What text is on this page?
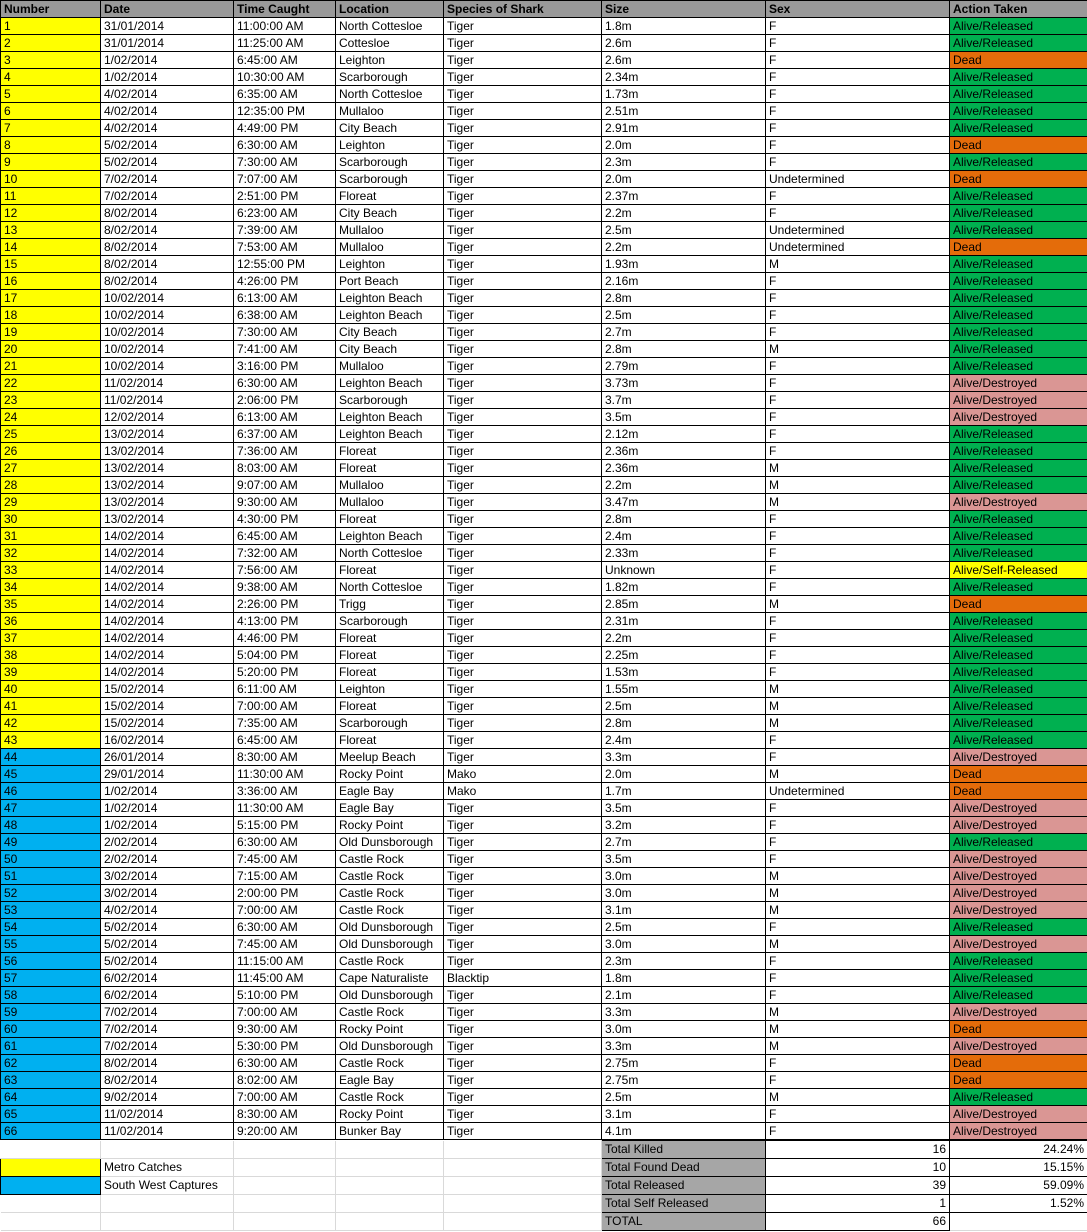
Number	Date	Time Caught	Location	Species of Shark	Size	Sex	Action Taken
1	31/01/2014	11:00:00 AM	North Cottesloe	Tiger	1.8m	F	Alive/Released
2	31/01/2014	11:25:00 AM	Cottesloe	Tiger	2.6m	F	Alive/Released
3	1/02/2014	6:45:00 AM	Leighton	Tiger	2.6m	F	Dead
4	1/02/2014	10:30:00 AM	Scarborough	Tiger	2.34m	F	Alive/Released
5	4/02/2014	6:35:00 AM	North Cottesloe	Tiger	1.73m	F	Alive/Released
6	4/02/2014	12:35:00 PM	Mullaloo	Tiger	2.51m	F	Alive/Released
7	4/02/2014	4:49:00 PM	City Beach	Tiger	2.91m	F	Alive/Released
8	5/02/2014	6:30:00 AM	Leighton	Tiger	2.0m	F	Dead
9	5/02/2014	7:30:00 AM	Scarborough	Tiger	2.3m	F	Alive/Released
10	7/02/2014	7:07:00 AM	Scarborough	Tiger	2.0m	Undetermined	Dead
11	7/02/2014	2:51:00 PM	Floreat	Tiger	2.37m	F	Alive/Released
12	8/02/2014	6:23:00 AM	City Beach	Tiger	2.2m	F	Alive/Released
13	8/02/2014	7:39:00 AM	Mullaloo	Tiger	2.5m	Undetermined	Alive/Released
14	8/02/2014	7:53:00 AM	Mullaloo	Tiger	2.2m	Undetermined	Dead
15	8/02/2014	12:55:00 PM	Leighton	Tiger	1.93m	M	Alive/Released
16	8/02/2014	4:26:00 PM	Port Beach	Tiger	2.16m	F	Alive/Released
17	10/02/2014	6:13:00 AM	Leighton Beach	Tiger	2.8m	F	Alive/Released
18	10/02/2014	6:38:00 AM	Leighton Beach	Tiger	2.5m	F	Alive/Released
19	10/02/2014	7:30:00 AM	City Beach	Tiger	2.7m	F	Alive/Released
20	10/02/2014	7:41:00 AM	City Beach	Tiger	2.8m	M	Alive/Released
21	10/02/2014	3:16:00 PM	Mullaloo	Tiger	2.79m	F	Alive/Released
22	11/02/2014	6:30:00 AM	Leighton Beach	Tiger	3.73m	F	Alive/Destroyed
23	11/02/2014	2:06:00 PM	Scarborough	Tiger	3.7m	F	Alive/Destroyed
24	12/02/2014	6:13:00 AM	Leighton Beach	Tiger	3.5m	F	Alive/Destroyed
25	13/02/2014	6:37:00 AM	Leighton Beach	Tiger	2.12m	F	Alive/Released
26	13/02/2014	7:36:00 AM	Floreat	Tiger	2.36m	F	Alive/Released
27	13/02/2014	8:03:00 AM	Floreat	Tiger	2.36m	M	Alive/Released
28	13/02/2014	9:07:00 AM	Mullaloo	Tiger	2.2m	M	Alive/Released
29	13/02/2014	9:30:00 AM	Mullaloo	Tiger	3.47m	M	Alive/Destroyed
30	13/02/2014	4:30:00 PM	Floreat	Tiger	2.8m	F	Alive/Released
31	14/02/2014	6:45:00 AM	Leighton Beach	Tiger	2.4m	F	Alive/Released
32	14/02/2014	7:32:00 AM	North Cottesloe	Tiger	2.33m	F	Alive/Released
33	14/02/2014	7:56:00 AM	Floreat	Tiger	Unknown	F	Alive/Self-Released
34	14/02/2014	9:38:00 AM	North Cottesloe	Tiger	1.82m	F	Alive/Released
35	14/02/2014	2:26:00 PM	Trigg	Tiger	2.85m	M	Dead
36	14/02/2014	4:13:00 PM	Scarborough	Tiger	2.31m	F	Alive/Released
37	14/02/2014	4:46:00 PM	Floreat	Tiger	2.2m	F	Alive/Released
38	14/02/2014	5:04:00 PM	Floreat	Tiger	2.25m	F	Alive/Released
39	14/02/2014	5:20:00 PM	Floreat	Tiger	1.53m	F	Alive/Released
40	15/02/2014	6:11:00 AM	Leighton	Tiger	1.55m	M	Alive/Released
41	15/02/2014	7:00:00 AM	Floreat	Tiger	2.5m	M	Alive/Released
42	15/02/2014	7:35:00 AM	Scarborough	Tiger	2.8m	M	Alive/Released
43	16/02/2014	6:45:00 AM	Floreat	Tiger	2.4m	F	Alive/Released
44	26/01/2014	8:30:00 AM	Meelup Beach	Tiger	3.3m	F	Alive/Destroyed
45	29/01/2014	11:30:00 AM	Rocky Point	Mako	2.0m	M	Dead
46	1/02/2014	3:36:00 AM	Eagle Bay	Mako	1.7m	Undetermined	Dead
47	1/02/2014	11:30:00 AM	Eagle Bay	Tiger	3.5m	F	Alive/Destroyed
48	1/02/2014	5:15:00 PM	Rocky Point	Tiger	3.2m	F	Alive/Destroyed
49	2/02/2014	6:30:00 AM	Old Dunsborough	Tiger	2.7m	F	Alive/Released
50	2/02/2014	7:45:00 AM	Castle Rock	Tiger	3.5m	F	Alive/Destroyed
51	3/02/2014	7:15:00 AM	Castle Rock	Tiger	3.0m	M	Alive/Destroyed
52	3/02/2014	2:00:00 PM	Castle Rock	Tiger	3.0m	M	Alive/Destroyed
53	4/02/2014	7:00:00 AM	Castle Rock	Tiger	3.1m	M	Alive/Destroyed
54	5/02/2014	6:30:00 AM	Old Dunsborough	Tiger	2.5m	F	Alive/Released
55	5/02/2014	7:45:00 AM	Old Dunsborough	Tiger	3.0m	M	Alive/Destroyed
56	5/02/2014	11:15:00 AM	Castle Rock	Tiger	2.3m	F	Alive/Released
57	6/02/2014	11:45:00 AM	Cape Naturaliste	Blacktip	1.8m	F	Alive/Released
58	6/02/2014	5:10:00 PM	Old Dunsborough	Tiger	2.1m	F	Alive/Released
59	7/02/2014	7:00:00 AM	Castle Rock	Tiger	3.3m	M	Alive/Destroyed
60	7/02/2014	9:30:00 AM	Rocky Point	Tiger	3.0m	M	Dead
61	7/02/2014	5:30:00 PM	Old Dunsborough	Tiger	3.3m	M	Alive/Destroyed
62	8/02/2014	6:30:00 AM	Castle Rock	Tiger	2.75m	F	Dead
63	8/02/2014	8:02:00 AM	Eagle Bay	Tiger	2.75m	F	Dead
64	9/02/2014	7:00:00 AM	Castle Rock	Tiger	2.5m	M	Alive/Released
65	11/02/2014	8:30:00 AM	Rocky Point	Tiger	3.1m	F	Alive/Destroyed
66	11/02/2014	9:20:00 AM	Bunker Bay	Tiger	4.1m	F	Alive/Destroyed
					Total Killed	16	24.24%
	Metro Catches				Total Found Dead	10	15.15%
	South West Captures				Total Released	39	59.09%
					Total Self Released	1	1.52%
					TOTAL	66	
